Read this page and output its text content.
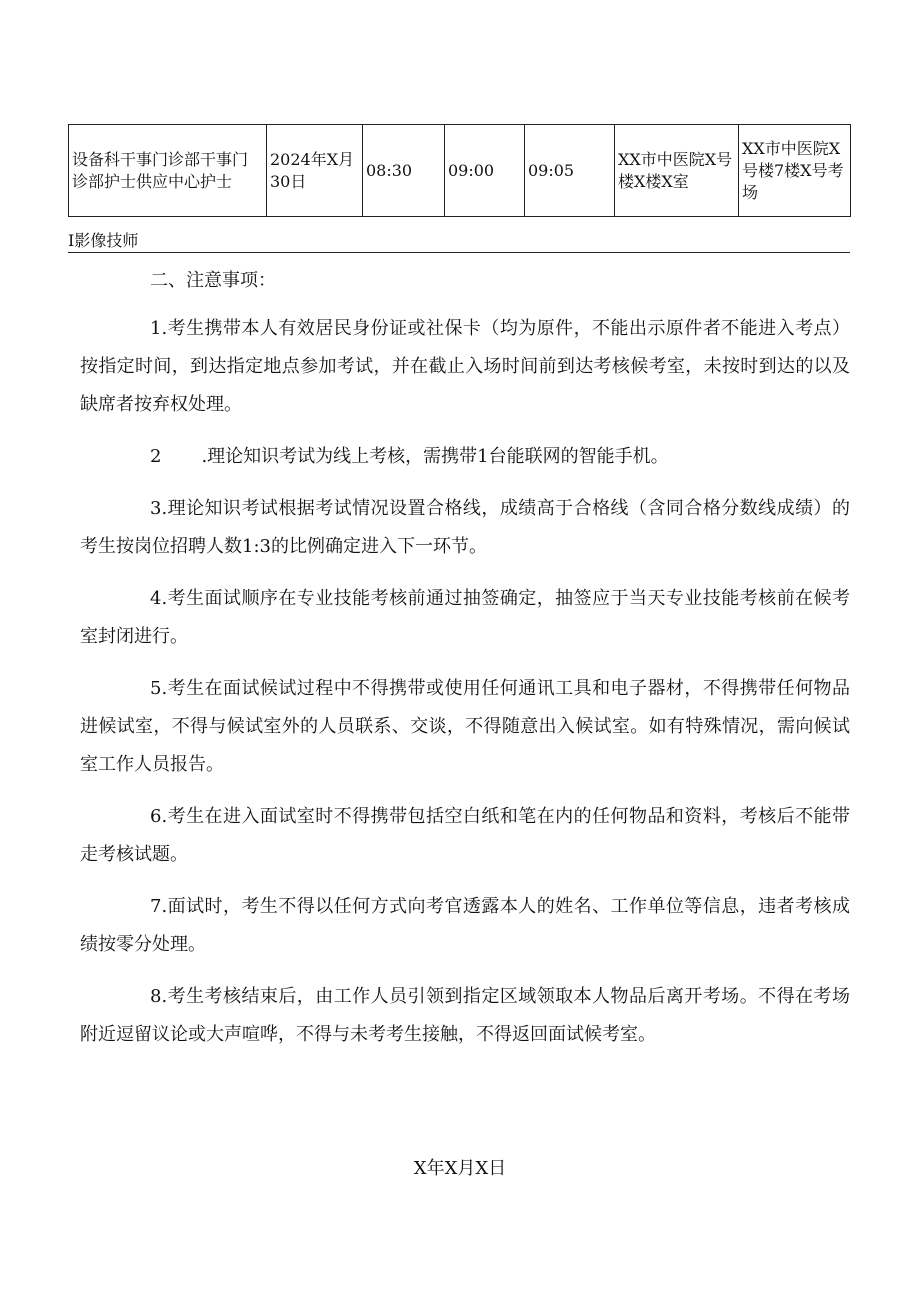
设备科干事门诊部干事门诊部护士供应中心护士	2024年X月30日	08:30	09:00	09:05	XX市中医院X号楼X楼X室	XX市中医院X号楼7楼X号考场
I影像技师

二、注意事项：

1.考生携带本人有效居民身份证或社保卡（均为原件，不能出示原件者不能进入考点）按指定时间，到达指定地点参加考试，并在截止入场时间前到达考核候考室，未按时到达的以及缺席者按弃权处理。

2 .理论知识考试为线上考核，需携带1台能联网的智能手机。

3.理论知识考试根据考试情况设置合格线，成绩高于合格线（含同合格分数线成绩）的考生按岗位招聘人数1:3的比例确定进入下一环节。

4.考生面试顺序在专业技能考核前通过抽签确定，抽签应于当天专业技能考核前在候考室封闭进行。

5.考生在面试候试过程中不得携带或使用任何通讯工具和电子器材，不得携带任何物品进候试室，不得与候试室外的人员联系、交谈，不得随意出入候试室。如有特殊情况，需向候试室工作人员报告。

6.考生在进入面试室时不得携带包括空白纸和笔在内的任何物品和资料，考核后不能带走考核试题。

7.面试时，考生不得以任何方式向考官透露本人的姓名、工作单位等信息，违者考核成绩按零分处理。

8.考生考核结束后，由工作人员引领到指定区域领取本人物品后离开考场。不得在考场附近逗留议论或大声喧哗，不得与未考考生接触，不得返回面试候考室。

X年X月X日
